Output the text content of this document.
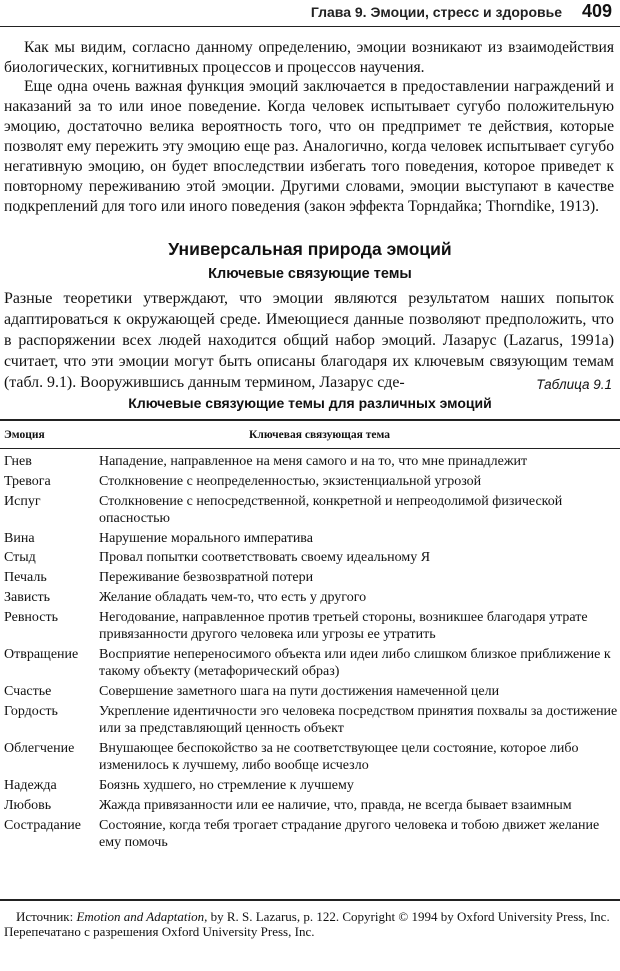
Глава 9. Эмоции, стресс и здоровье 409

Как мы видим, согласно данному определению, эмоции возникают из взаимодействия биологических, когнитивных процессов и процессов научения.

Еще одна очень важная функция эмоций заключается в предоставлении награждений и наказаний за то или иное поведение. Когда человек испытывает сугубо положительную эмоцию, достаточно велика вероятность того, что он предпримет те действия, которые позволят ему пережить эту эмоцию еще раз. Аналогично, когда человек испытывает сугубо негативную эмоцию, он будет впоследствии избегать того поведения, которое приведет к повторному переживанию этой эмоции. Другими словами, эмоции выступают в качестве подкреплений для того или иного поведения (закон эффекта Торндайка; Thorndike, 1913).

Универсальная природа эмоций
Ключевые связующие темы

Разные теоретики утверждают, что эмоции являются результатом наших попыток адаптироваться к окружающей среде. Имеющиеся данные позволяют предположить, что в распоряжении всех людей находится общий набор эмоций. Лазарус (Lazarus, 1991a) считает, что эти эмоции могут быть описаны благодаря их ключевым связующим темам (табл. 9.1). Вооружившись данным термином, Лазарус сде-	Таблица 9.1
Ключевые связующие темы для различных эмоций
Эмоция	Ключевая связующая тема
Гнев	Нападение, направленное на меня самого и на то, что мне принадлежит
Тревога	Столкновение с неопределенностью, экзистенциальной угрозой
Испуг	Столкновение с непосредственной, конкретной и непреодолимой физической опасностью
Вина	Нарушение морального императива
Стыд	Провал попытки соответствовать своему идеальному Я
Печаль	Переживание безвозвратной потери
Зависть	Желание обладать чем-то, что есть у другого
Ревность	Негодование, направленное против третьей стороны, возникшее благодаря утрате привязанности другого человека или угрозы ее утратить
Отвращение	Восприятие непереносимого объекта или идеи либо слишком близкое приближение к такому объекту (метафорический образ)
Счастье	Совершение заметного шага на пути достижения намеченной цели
Гордость	Укрепление идентичности эго человека посредством принятия похвалы за достижение или за представляющий ценность объект
Облегчение	Внушающее беспокойство за не соответствующее цели состояние, которое либо изменилось к лучшему, либо вообще исчезло
Надежда	Боязнь худшего, но стремление к лучшему
Любовь	Жажда привязанности или ее наличие, что, правда, не всегда бывает взаимным
Сострадание	Состояние, когда тебя трогает страдание другого человека и тобою движет желание ему помочь

Источник: Emotion and Adaptation, by R. S. Lazarus, p. 122. Copyright © 1994 by Oxford University Press, Inc. Перепечатано с разрешения Oxford University Press, Inc.
